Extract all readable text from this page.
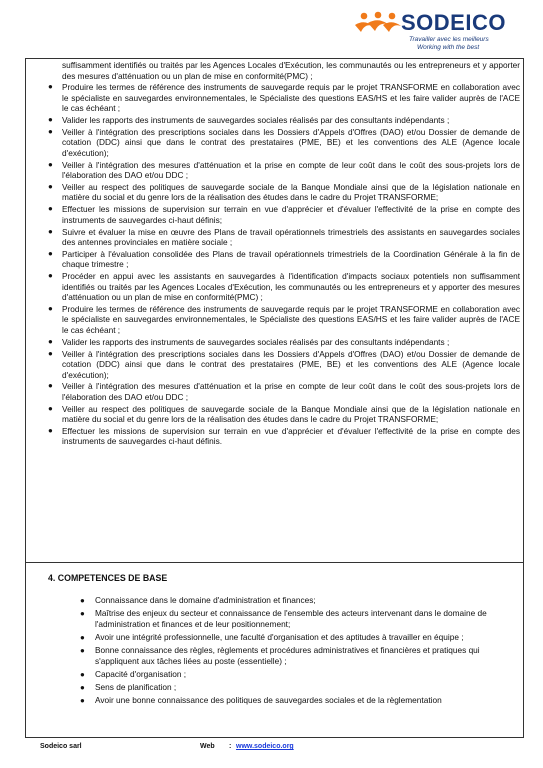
SODEICO
Travailler avec les meilleurs
Working with the best
suffisamment identifiés ou traités par les Agences Locales d'Exécution, les communautés ou les entrepreneurs et y apporter des mesures d'atténuation ou un plan de mise en conformité(PMC) ;
● Produire les termes de référence des instruments de sauvegarde requis par le projet TRANSFORME en collaboration avec le spécialiste en sauvegardes environnementales, le Spécialiste des questions EAS/HS et les faire valider auprès de l'ACE le cas échéant ;
● Valider les rapports des instruments de sauvegardes sociales réalisés par des consultants indépendants ;
● Veiller à l'intégration des prescriptions sociales dans les Dossiers d'Appels d'Offres (DAO) et/ou Dossier de demande de cotation (DDC) ainsi que dans le contrat des prestataires (PME, BE) et les conventions des ALE (Agence locale d'exécution);
● Veiller à l'intégration des mesures d'atténuation et la prise en compte de leur coût dans le coût des sous-projets lors de l'élaboration des DAO et/ou DDC ;
● Veiller au respect des politiques de sauvegarde sociale de la Banque Mondiale ainsi que de la législation nationale en matière du social et du genre lors de la réalisation des études dans le cadre du Projet TRANSFORME;
● Effectuer les missions de supervision sur terrain en vue d'apprécier et d'évaluer l'effectivité de la prise en compte des instruments de sauvegardes ci-haut définis;
● Suivre et évaluer la mise en œuvre des Plans de travail opérationnels trimestriels des assistants en sauvegardes sociales des antennes provinciales en matière sociale ;
● Participer à l'évaluation consolidée des Plans de travail opérationnels trimestriels de la Coordination Générale à la fin de chaque trimestre ;
● Procéder en appui avec les assistants en sauvegardes à l'identification d'impacts sociaux potentiels non suffisamment identifiés ou traités par les Agences Locales d'Exécution, les communautés ou les entrepreneurs et y apporter des mesures d'atténuation ou un plan de mise en conformité(PMC) ;
● Produire les termes de référence des instruments de sauvegarde requis par le projet TRANSFORME en collaboration avec le spécialiste en sauvegardes environnementales, le Spécialiste des questions EAS/HS et les faire valider auprès de l'ACE le cas échéant ;
● Valider les rapports des instruments de sauvegardes sociales réalisés par des consultants indépendants ;
● Veiller à l'intégration des prescriptions sociales dans les Dossiers d'Appels d'Offres (DAO) et/ou Dossier de demande de cotation (DDC) ainsi que dans le contrat des prestataires (PME, BE) et les conventions des ALE (Agence locale d'exécution);
● Veiller à l'intégration des mesures d'atténuation et la prise en compte de leur coût dans le coût des sous-projets lors de l'élaboration des DAO et/ou DDC ;
● Veiller au respect des politiques de sauvegarde sociale de la Banque Mondiale ainsi que de la législation nationale en matière du social et du genre lors de la réalisation des études dans le cadre du Projet TRANSFORME;
● Effectuer les missions de supervision sur terrain en vue d'apprécier et d'évaluer l'effectivité de la prise en compte des instruments de sauvegardes ci-haut définis.
4. COMPETENCES DE BASE
● Connaissance dans le domaine d'administration et finances;
● Maîtrise des enjeux du secteur et connaissance de l'ensemble des acteurs intervenant dans le domaine de l'administration et finances et de leur positionnement;
● Avoir une intégrité professionnelle, une faculté d'organisation et des aptitudes à travailler en équipe ;
● Bonne connaissance des règles, règlements et procédures administratives et financières et pratiques qui s'appliquent aux tâches liées au poste (essentielle) ;
● Capacité d'organisation ;
● Sens de planification ;
● Avoir une bonne connaissance des politiques de sauvegardes sociales et de la règlementation
Sodeico sarl	Web : www.sodeico.org
